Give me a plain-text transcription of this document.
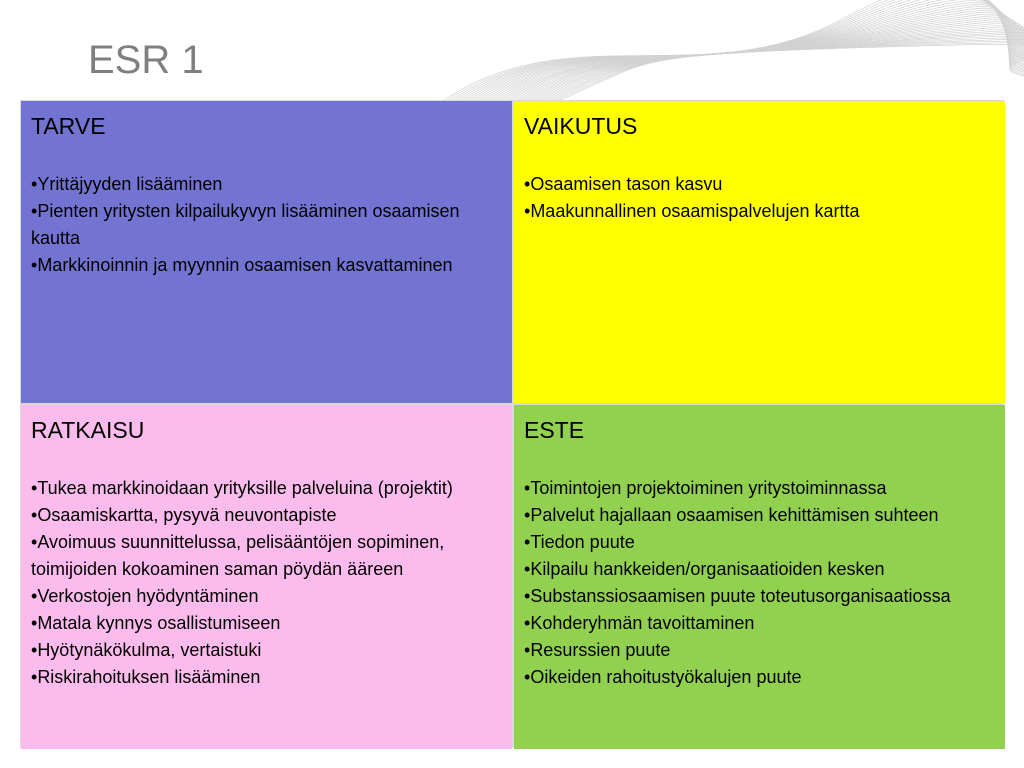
ESR 1
TARVE
• Yrittäjyyden lisääminen
• Pienten yritysten kilpailukyvyn lisääminen osaamisen kautta
• Markkinoinnin ja myynnin osaamisen kasvattaminen
VAIKUTUS
• Osaamisen tason kasvu
• Maakunnallinen osaamispalvelujen kartta
RATKAISU
• Tukea markkinoidaan yrityksille palveluina (projektit)
• Osaamiskartta, pysyvä neuvontapiste
• Avoimuus suunnittelussa, pelisääntöjen sopiminen, toimijoiden kokoaminen saman pöydän ääreen
• Verkostojen hyödyntäminen
• Matala kynnys osallistumiseen
• Hyötynäkökulma, vertaistuki
• Riskirahoituksen lisääminen
ESTE
• Toimintojen projektoiminen yritystoiminnassa
• Palvelut hajallaan osaamisen kehittämisen suhteen
• Tiedon puute
• Kilpailu hankkeiden/organisaatioiden kesken
• Substanssiosaamisen puute toteutusorganisaatiossa
• Kohderyhmän tavoittaminen
• Resurssien puute
• Oikeiden rahoitustyökalujen puute
